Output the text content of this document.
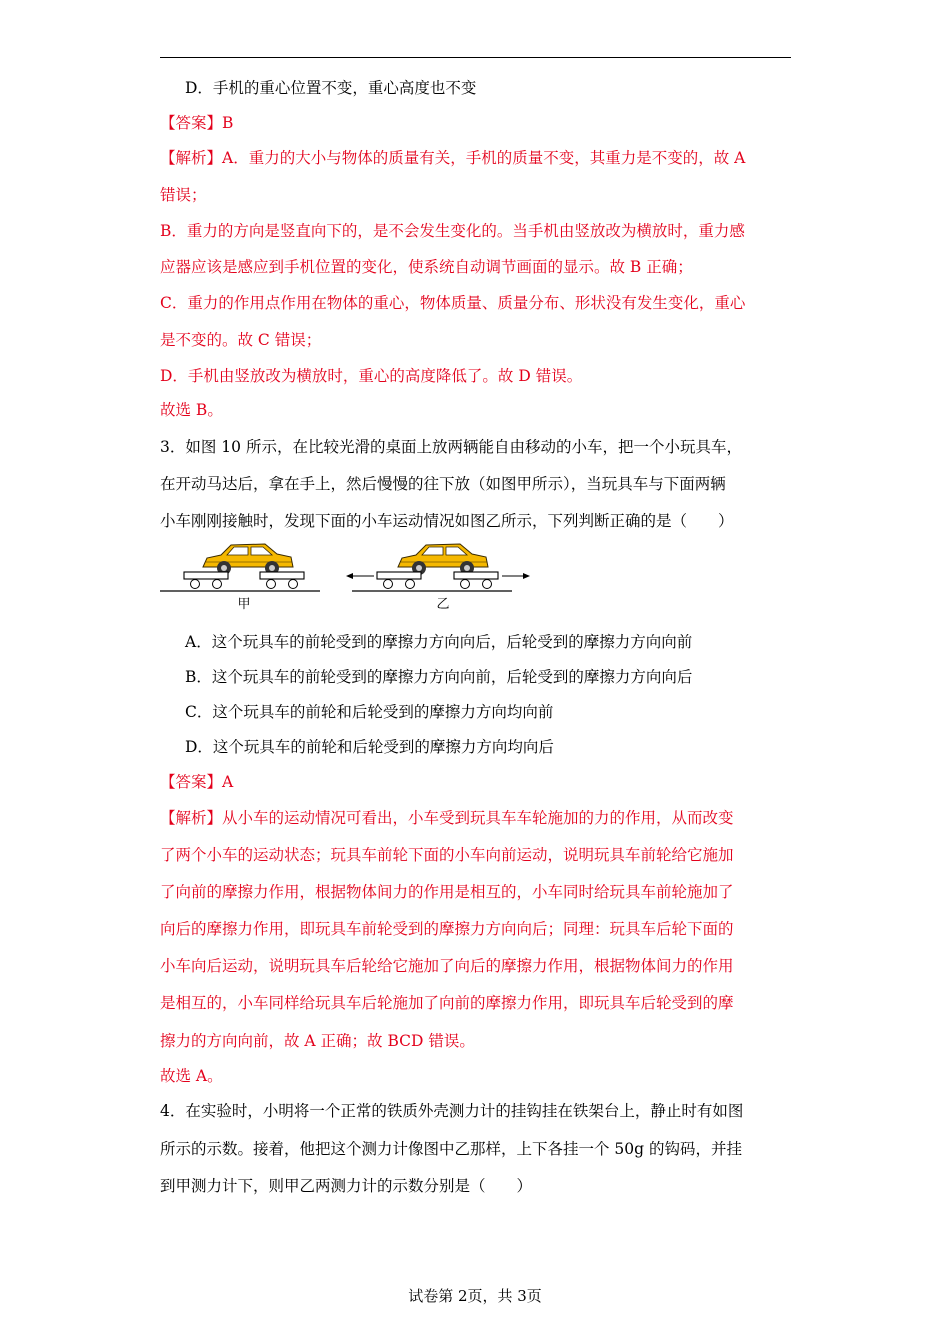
D．手机的重心位置不变，重心高度也不变
【答案】B
【解析】A．重力的大小与物体的质量有关，手机的质量不变，其重力是不变的，故 A
错误；
B．重力的方向是竖直向下的，是不会发生变化的。当手机由竖放改为横放时，重力感
应器应该是感应到手机位置的变化，使系统自动调节画面的显示。故 B 正确；
C．重力的作用点作用在物体的重心，物体质量、质量分布、形状没有发生变化，重心
是不变的。故 C 错误；
D．手机由竖放改为横放时，重心的高度降低了。故 D 错误。
故选 B。
3．如图 10 所示，在比较光滑的桌面上放两辆能自由移动的小车，把一个小玩具车，
在开动马达后，拿在手上，然后慢慢的往下放（如图甲所示），当玩具车与下面两辆
小车刚刚接触时，发现下面的小车运动情况如图乙所示，下列判断正确的是（　　）
甲	乙
A．这个玩具车的前轮受到的摩擦力方向向后，后轮受到的摩擦力方向向前
B．这个玩具车的前轮受到的摩擦力方向向前，后轮受到的摩擦力方向向后
C．这个玩具车的前轮和后轮受到的摩擦力方向均向前
D．这个玩具车的前轮和后轮受到的摩擦力方向均向后
【答案】A
【解析】从小车的运动情况可看出，小车受到玩具车车轮施加的力的作用，从而改变
了两个小车的运动状态；玩具车前轮下面的小车向前运动，说明玩具车前轮给它施加
了向前的摩擦力作用，根据物体间力的作用是相互的，小车同时给玩具车前轮施加了
向后的摩擦力作用，即玩具车前轮受到的摩擦力方向向后；同理：玩具车后轮下面的
小车向后运动，说明玩具车后轮给它施加了向后的摩擦力作用，根据物体间力的作用
是相互的，小车同样给玩具车后轮施加了向前的摩擦力作用，即玩具车后轮受到的摩
擦力的方向向前，故 A 正确；故 BCD 错误。
故选 A。
4．在实验时，小明将一个正常的铁质外壳测力计的挂钩挂在铁架台上，静止时有如图
所示的示数。接着，他把这个测力计像图中乙那样，上下各挂一个 50g 的钩码，并挂
到甲测力计下，则甲乙两测力计的示数分别是（　　）
试卷第 2页，共 3页
